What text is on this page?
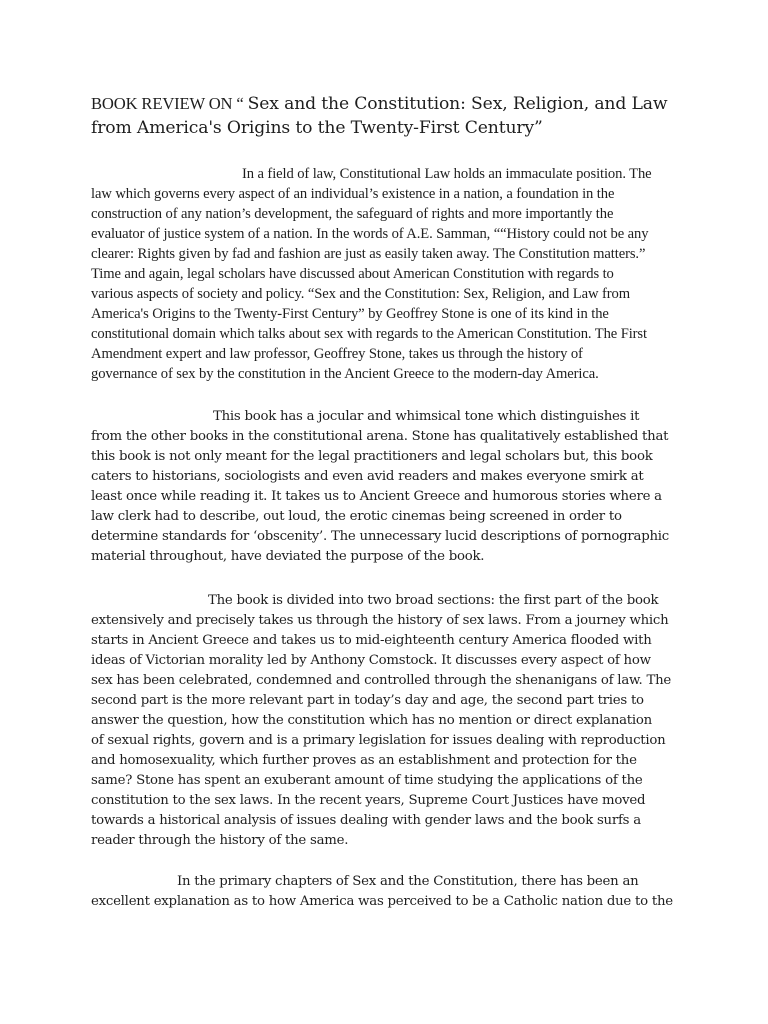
BOOK REVIEW ON “ Sex and the Constitution: Sex, Religion, and Law from America's Origins to the Twenty-First Century”
In a field of law, Constitutional Law holds an immaculate position. The
law which governs every aspect of an individual’s existence in a nation, a foundation in the
construction of any nation’s development, the safeguard of rights and more importantly the
evaluator of justice system of a nation. In the words of A.E. Samman, ““History could not be any
clearer: Rights given by fad and fashion are just as easily taken away. The Constitution matters.”
Time and again, legal scholars have discussed about American Constitution with regards to
various aspects of society and policy. “Sex and the Constitution: Sex, Religion, and Law from
America's Origins to the Twenty-First Century” by Geoffrey Stone is one of its kind in the
constitutional domain which talks about sex with regards to the American Constitution. The First
Amendment expert and law professor, Geoffrey Stone, takes us through the history of
governance of sex by the constitution in the Ancient Greece to the modern-day America.
This book has a jocular and whimsical tone which distinguishes it
from the other books in the constitutional arena. Stone has qualitatively established that
this book is not only meant for the legal practitioners and legal scholars but, this book
caters to historians, sociologists and even avid readers and makes everyone smirk at
least once while reading it. It takes us to Ancient Greece and humorous stories where a
law clerk had to describe, out loud, the erotic cinemas being screened in order to
determine standards for ‘obscenity’. The unnecessary lucid descriptions of pornographic
material throughout, have deviated the purpose of the book.
The book is divided into two broad sections: the first part of the book
extensively and precisely takes us through the history of sex laws. From a journey which
starts in Ancient Greece and takes us to mid-eighteenth century America flooded with
ideas of Victorian morality led by Anthony Comstock. It discusses every aspect of how
sex has been celebrated, condemned and controlled through the shenanigans of law. The
second part is the more relevant part in today’s day and age, the second part tries to
answer the question, how the constitution which has no mention or direct explanation
of sexual rights, govern and is a primary legislation for issues dealing with reproduction
and homosexuality, which further proves as an establishment and protection for the
same? Stone has spent an exuberant amount of time studying the applications of the
constitution to the sex laws. In the recent years, Supreme Court Justices have moved
towards a historical analysis of issues dealing with gender laws and the book surfs a
reader through the history of the same.
In the primary chapters of Sex and the Constitution, there has been an
excellent explanation as to how America was perceived to be a Catholic nation due to the
